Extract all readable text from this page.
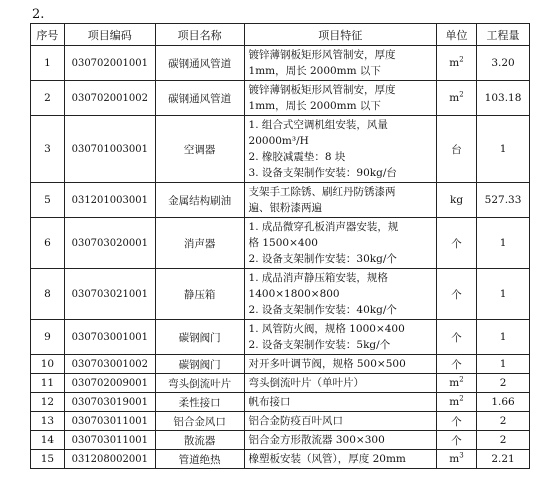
2.
序号	项目编码	项目名称	项目特征	单位	工程量
1	030702001001	碳钢通风管道	镀锌薄钢板矩形风管制安，厚度
1mm，周长 2000mm 以下	$m^2$	3.20
2	030702001002	碳钢通风管道	镀锌薄钢板矩形风管制安，厚度
1mm，周长 2000mm 以下	$m^2$	103.18
3	030701003001	空调器	1. 组合式空调机组安装，风量
20000m³/H
2. 橡胶减震垫：8 块
3. 设备支架制作安装：90kg/台	台	1
5	031201003001	金属结构刷油	支架手工除锈、刷红丹防锈漆两
遍、银粉漆两遍	kg	527.33
6	030703020001	消声器	1. 成品微穿孔板消声器安装，规
格 1500×400
2. 设备支架制作安装：30kg/个	个	1
8	030703021001	静压箱	1. 成品消声静压箱安装，规格
1400×1800×800
2. 设备支架制作安装：40kg/个	个	1
9	030703001001	碳钢阀门	1. 风管防火阀，规格 1000×400
2. 设备支架制作安装：5kg/个	个	1
10	030703001002	碳钢阀门	对开多叶调节阀，规格 500×500	个	1
11	030702009001	弯头倒流叶片	弯头倒流叶片（单叶片）	$m^2$	2
12	030703019001	柔性接口	帆布接口	$m^2$	1.66
13	030703011001	铝合金风口	铝合金防疫百叶风口	个	2
14	030703011001	散流器	铝合金方形散流器 300×300	个	2
15	031208002001	管道绝热	橡塑板安装（风管），厚度 20mm	$m^3$	2.21
